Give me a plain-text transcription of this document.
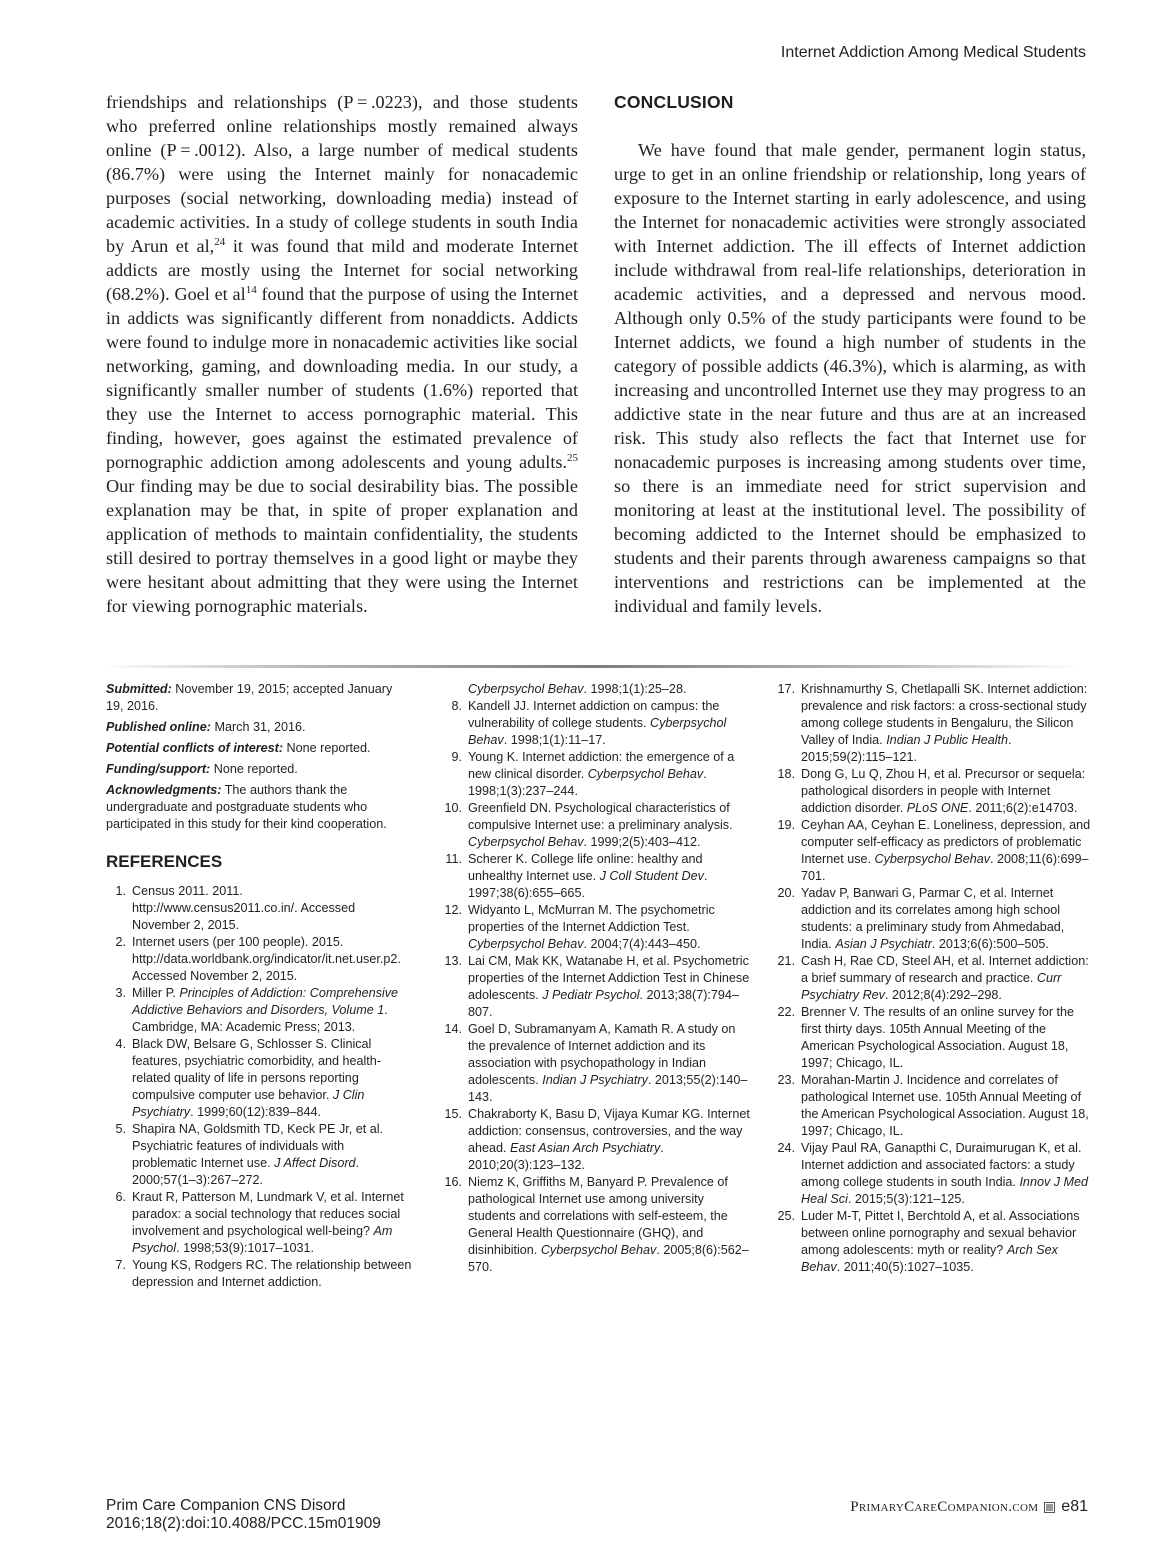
Internet Addiction Among Medical Students

friendships and relationships (P = .0223), and those students who preferred online relationships mostly remained always online (P = .0012). Also, a large number of medical students (86.7%) were using the Internet mainly for nonacademic purposes (social networking, downloading media) instead of academic activities. In a study of college students in south India by Arun et al,$^{24}$ it was found that mild and moderate Internet addicts are mostly using the Internet for social networking (68.2%). Goel et $al^{14}$ found that the purpose of using the Internet in addicts was significantly different from nonaddicts. Addicts were found to indulge more in nonacademic activities like social networking, gaming, and downloading media. In our study, a significantly smaller number of students (1.6%) reported that they use the Internet to access pornographic material. This finding, however, goes against the estimated prevalence of pornographic addiction among adolescents and young adults.$^{25}$ Our finding may be due to social desirability bias. The possible explanation may be that, in spite of proper explanation and application of methods to maintain confidentiality, the students still desired to portray themselves in a good light or maybe they were hesitant about admitting that they were using the Internet for viewing pornographic materials.

CONCLUSION

We have found that male gender, permanent login status, urge to get in an online friendship or relationship, long years of exposure to the Internet starting in early adolescence, and using the Internet for nonacademic activities were strongly associated with Internet addiction. The ill effects of Internet addiction include withdrawal from real-life relationships, deterioration in academic activities, and a depressed and nervous mood. Although only 0.5% of the study participants were found to be Internet addicts, we found a high number of students in the category of possible addicts (46.3%), which is alarming, as with increasing and uncontrolled Internet use they may progress to an addictive state in the near future and thus are at an increased risk. This study also reflects the fact that Internet use for nonacademic purposes is increasing among students over time, so there is an immediate need for strict supervision and monitoring at least at the institutional level. The possibility of becoming addicted to the Internet should be emphasized to students and their parents through awareness campaigns so that interventions and restrictions can be implemented at the individual and family levels.

Submitted: November 19, 2015; accepted January 19, 2016.
Published online: March 31, 2016.
Potential conflicts of interest: None reported.
Funding/support: None reported.
Acknowledgments: The authors thank the undergraduate and postgraduate students who participated in this study for their kind cooperation.
REFERENCES
1. Census 2011. 2011. http://www.census2011.co.in/. Accessed November 2, 2015.
2. Internet users (per 100 people). 2015. http://data.worldbank.org/indicator/it.net.user.p2. Accessed November 2, 2015.
3. Miller P. Principles of Addiction: Comprehensive Addictive Behaviors and Disorders, Volume 1. Cambridge, MA: Academic Press; 2013.
4. Black DW, Belsare G, Schlosser S. Clinical features, psychiatric comorbidity, and health-related quality of life in persons reporting compulsive computer use behavior. J Clin Psychiatry. 1999;60(12):839–844.
5. Shapira NA, Goldsmith TD, Keck PE Jr, et al. Psychiatric features of individuals with problematic Internet use. J Affect Disord. 2000;57(1–3):267–272.
6. Kraut R, Patterson M, Lundmark V, et al. Internet paradox: a social technology that reduces social involvement and psychological well-being? Am Psychol. 1998;53(9):1017–1031.
7. Young KS, Rodgers RC. The relationship between depression and Internet addiction.
Cyberpsychol Behav. 1998;1(1):25–28.
8. Kandell JJ. Internet addiction on campus: the vulnerability of college students. Cyberpsychol Behav. 1998;1(1):11–17.
9. Young K. Internet addiction: the emergence of a new clinical disorder. Cyberpsychol Behav. 1998;1(3):237–244.
10. Greenfield DN. Psychological characteristics of compulsive Internet use: a preliminary analysis. Cyberpsychol Behav. 1999;2(5):403–412.
11. Scherer K. College life online: healthy and unhealthy Internet use. J Coll Student Dev. 1997;38(6):655–665.
12. Widyanto L, McMurran M. The psychometric properties of the Internet Addiction Test. Cyberpsychol Behav. 2004;7(4):443–450.
13. Lai CM, Mak KK, Watanabe H, et al. Psychometric properties of the Internet Addiction Test in Chinese adolescents. J Pediatr Psychol. 2013;38(7):794–807.
14. Goel D, Subramanyam A, Kamath R. A study on the prevalence of Internet addiction and its association with psychopathology in Indian adolescents. Indian J Psychiatry. 2013;55(2):140–143.
15. Chakraborty K, Basu D, Vijaya Kumar KG. Internet addiction: consensus, controversies, and the way ahead. East Asian Arch Psychiatry. 2010;20(3):123–132.
16. Niemz K, Griffiths M, Banyard P. Prevalence of pathological Internet use among university students and correlations with self-esteem, the General Health Questionnaire (GHQ), and disinhibition. Cyberpsychol Behav. 2005;8(6):562–570.
17. Krishnamurthy S, Chetlapalli SK. Internet addiction: prevalence and risk factors: a cross-sectional study among college students in Bengaluru, the Silicon Valley of India. Indian J Public Health. 2015;59(2):115–121.
18. Dong G, Lu Q, Zhou H, et al. Precursor or sequela: pathological disorders in people with Internet addiction disorder. PLoS ONE. 2011;6(2):e14703.
19. Ceyhan AA, Ceyhan E. Loneliness, depression, and computer self-efficacy as predictors of problematic Internet use. Cyberpsychol Behav. 2008;11(6):699–701.
20. Yadav P, Banwari G, Parmar C, et al. Internet addiction and its correlates among high school students: a preliminary study from Ahmedabad, India. Asian J Psychiatr. 2013;6(6):500–505.
21. Cash H, Rae CD, Steel AH, et al. Internet addiction: a brief summary of research and practice. Curr Psychiatry Rev. 2012;8(4):292–298.
22. Brenner V. The results of an online survey for the first thirty days. 105th Annual Meeting of the American Psychological Association. August 18, 1997; Chicago, IL.
23. Morahan-Martin J. Incidence and correlates of pathological Internet use. 105th Annual Meeting of the American Psychological Association. August 18, 1997; Chicago, IL.
24. Vijay Paul RA, Ganapthi C, Duraimurugan K, et al. Internet addiction and associated factors: a study among college students in south India. Innov J Med Heal Sci. 2015;5(3):121–125.
25. Luder M-T, Pittet I, Berchtold A, et al. Associations between online pornography and sexual behavior among adolescents: myth or reality? Arch Sex Behav. 2011;40(5):1027–1035.
Prim Care Companion CNS Disord
2016;18(2):doi:10.4088/PCC.15m01909
PrimaryCareCompanion.com e81
